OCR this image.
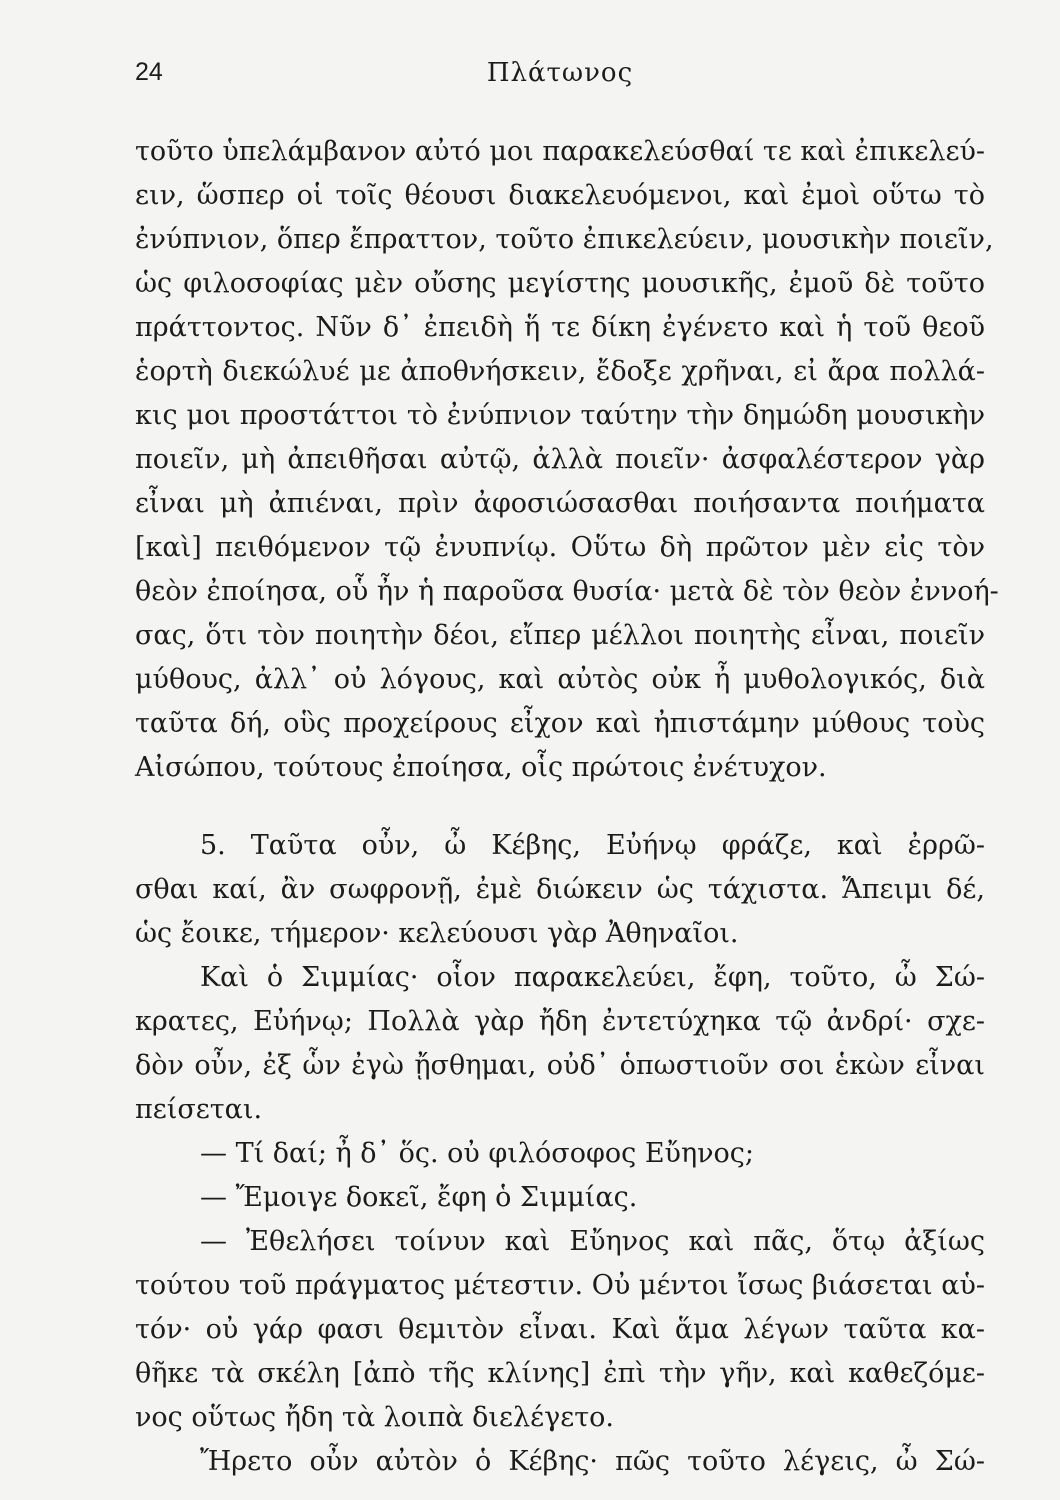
24	Πλάτωνος
τοῦτο ὑπελάμβανον αὐτό μοι παρακελεύσθαί τε καὶ ἐπικελεύ-
ειν, ὥσπερ οἱ τοῖς θέουσι διακελευόμενοι, καὶ ἐμοὶ οὕτω τὸ
ἐνύπνιον, ὅπερ ἔπραττον, τοῦτο ἐπικελεύειν, μουσικὴν ποιεῖν,
ὡς φιλοσοφίας μὲν οὔσης μεγίστης μουσικῆς, ἐμοῦ δὲ τοῦτο
πράττοντος. Νῦν δ᾽ ἐπειδὴ ἥ τε δίκη ἐγένετο καὶ ἡ τοῦ θεοῦ
ἑορτὴ διεκώλυέ με ἀποθνήσκειν, ἔδοξε χρῆναι, εἰ ἄρα πολλά-
κις μοι προστάττοι τὸ ἐνύπνιον ταύτην τὴν δημώδη μουσικὴν
ποιεῖν, μὴ ἀπειθῆσαι αὐτῷ, ἀλλὰ ποιεῖν· ἀσφαλέστερον γὰρ
εἶναι μὴ ἀπιέναι, πρὶν ἀφοσιώσασθαι ποιήσαντα ποιήματα
[καὶ] πειθόμενον τῷ ἐνυπνίῳ. Οὕτω δὴ πρῶτον μὲν εἰς τὸν
θεὸν ἐποίησα, οὗ ἦν ἡ παροῦσα θυσία· μετὰ δὲ τὸν θεὸν ἐννοή-
σας, ὅτι τὸν ποιητὴν δέοι, εἴπερ μέλλοι ποιητὴς εἶναι, ποιεῖν
μύθους, ἀλλ᾽ οὐ λόγους, καὶ αὐτὸς οὐκ ἦ μυθολογικός, διὰ
ταῦτα δή, οὓς προχείρους εἶχον καὶ ἠπιστάμην μύθους τοὺς
Αἰσώπου, τούτους ἐποίησα, οἷς πρώτοις ἐνέτυχον.
5. Ταῦτα οὖν, ὦ Κέβης, Εὐήνῳ φράζε, καὶ ἐρρῶ-
σθαι καί, ἂν σωφρονῇ, ἐμὲ διώκειν ὡς τάχιστα. Ἄπειμι δέ,
ὡς ἔοικε, τήμερον· κελεύουσι γὰρ Ἀθηναῖοι.
Καὶ ὁ Σιμμίας· οἷον παρακελεύει, ἔφη, τοῦτο, ὦ Σώ-
κρατες, Εὐήνῳ; Πολλὰ γὰρ ἤδη ἐντετύχηκα τῷ ἀνδρί· σχε-
δὸν οὖν, ἐξ ὧν ἐγὼ ᾔσθημαι, οὐδ᾽ ὁπωστιοῦν σοι ἑκὼν εἶναι
πείσεται.
— Τί δαί; ἦ δ᾽ ὅς. οὐ φιλόσοφος Εὔηνος;
— Ἔμοιγε δοκεῖ, ἔφη ὁ Σιμμίας.
— Ἐθελήσει τοίνυν καὶ Εὔηνος καὶ πᾶς, ὅτῳ ἀξίως
τούτου τοῦ πράγματος μέτεστιν. Οὐ μέντοι ἴσως βιάσεται αὑ-
τόν· οὐ γάρ φασι θεμιτὸν εἶναι. Καὶ ἅμα λέγων ταῦτα κα-
θῆκε τὰ σκέλη [ἀπὸ τῆς κλίνης] ἐπὶ τὴν γῆν, καὶ καθεζόμε-
νος οὕτως ἤδη τὰ λοιπὰ διελέγετο.
Ἤρετο οὖν αὐτὸν ὁ Κέβης· πῶς τοῦτο λέγεις, ὦ Σώ-
